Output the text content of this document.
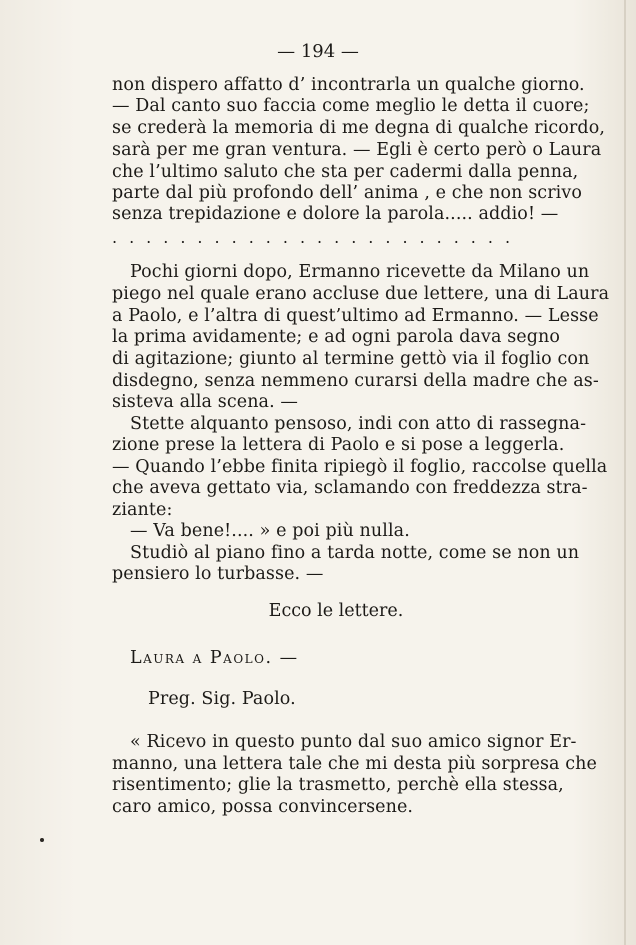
— 194 —
non dispero affatto d’ incontrarla un qualche giorno.
— Dal canto suo faccia come meglio le detta il cuore;
se crederà la memoria di me degna di qualche ricordo,
sarà per me gran ventura. — Egli è certo però o Laura
che l’ultimo saluto che sta per cadermi dalla penna,
parte dal più profondo dell’ anima , e che non scrivo
senza trepidazione e dolore la parola..... addio! —
........................
Pochi giorni dopo, Ermanno ricevette da Milano un
piego nel quale erano accluse due lettere, una di Laura
a Paolo, e l’altra di quest’ultimo ad Ermanno. — Lesse
la prima avidamente; e ad ogni parola dava segno
di agitazione; giunto al termine gettò via il foglio con
disdegno, senza nemmeno curarsi della madre che as-
sisteva alla scena. —
Stette alquanto pensoso, indi con atto di rassegna-
zione prese la lettera di Paolo e si pose a leggerla.
— Quando l’ebbe finita ripiegò il foglio, raccolse quella
che aveva gettato via, sclamando con freddezza stra-
ziante:
— Va bene!.... » e poi più nulla.
Studiò al piano fino a tarda notte, come se non un
pensiero lo turbasse. —
Ecco le lettere.
Laura a Paolo. —
Preg. Sig. Paolo.
« Ricevo in questo punto dal suo amico signor Er-
manno, una lettera tale che mi desta più sorpresa che
risentimento; glie la trasmetto, perchè ella stessa,
caro amico, possa convincersene.
